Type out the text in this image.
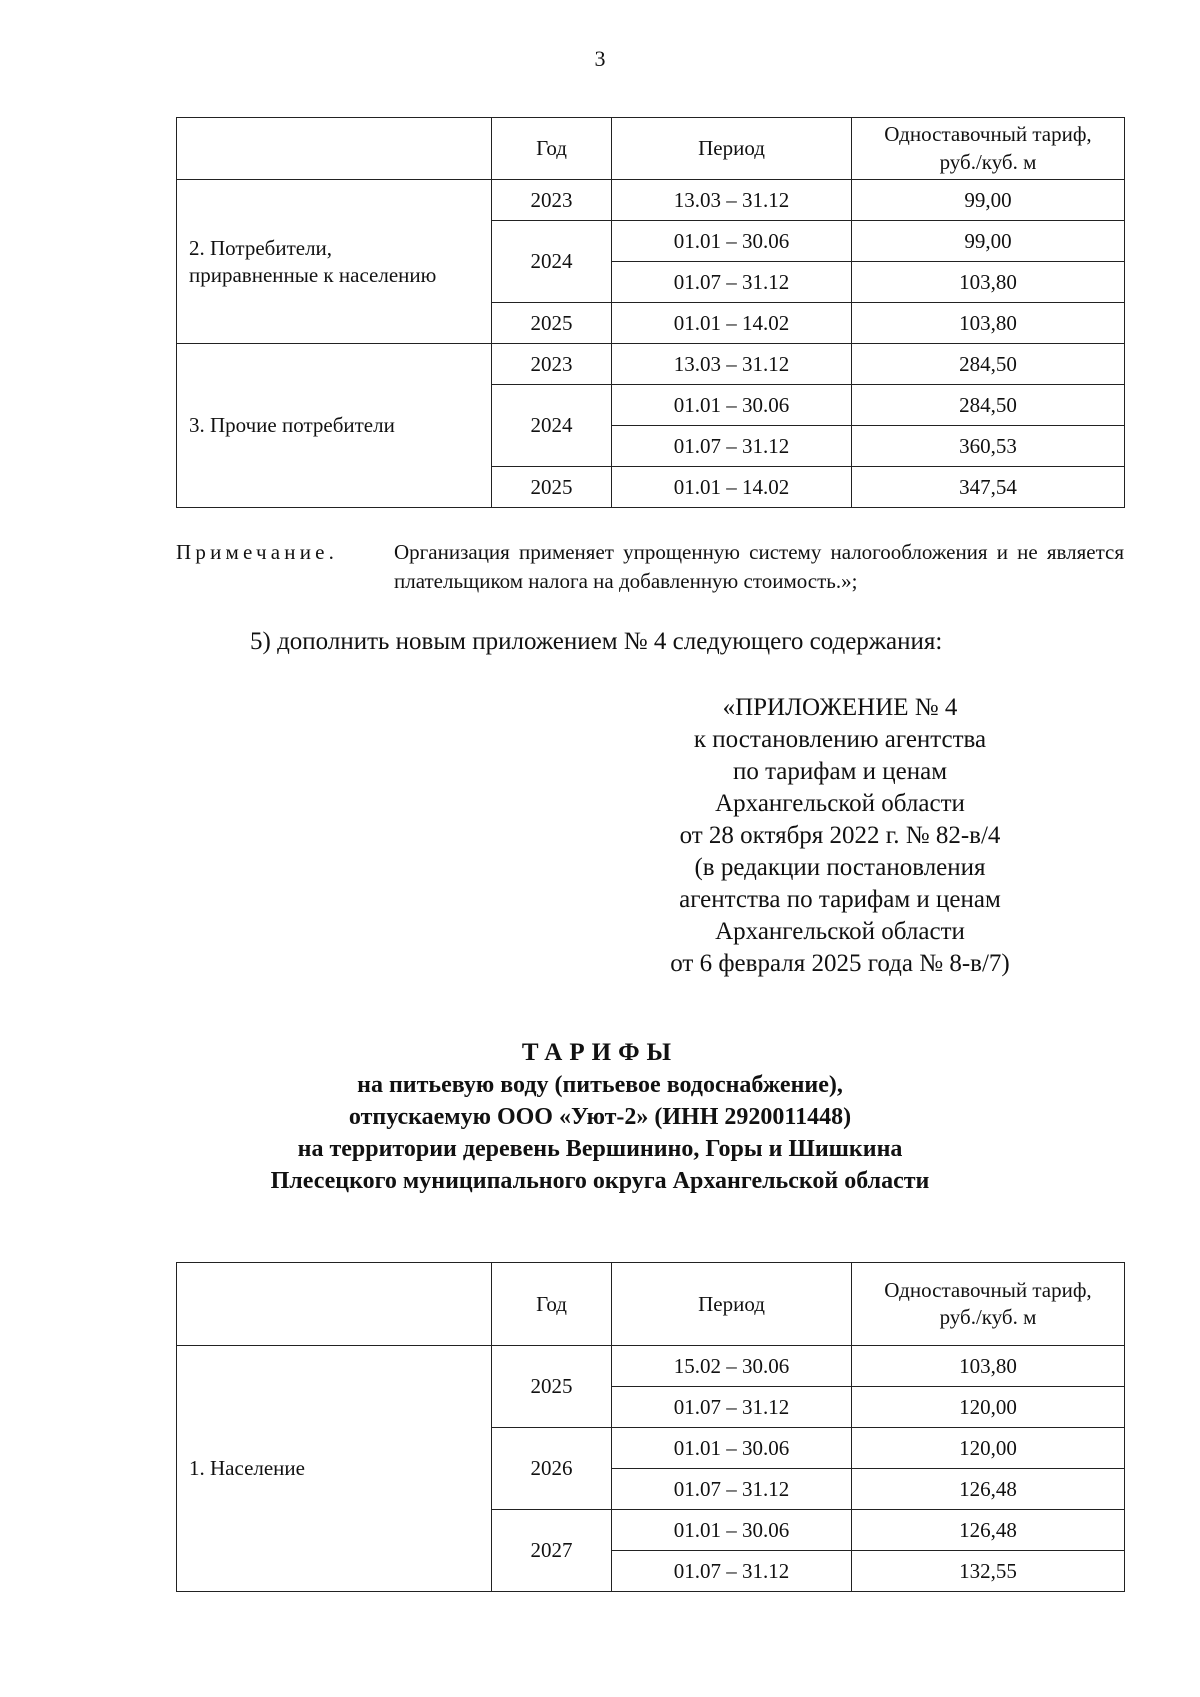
3
	Год	Период	Одноставочный тариф,
руб./куб. м

2. Потребители,
приравненные к населению	2023	13.03 – 31.12	99,00
	2024	01.01 – 30.06	99,00
		01.07 – 31.12	103,80
	2025	01.01 – 14.02	103,80

3. Прочие потребители	2023	13.03 – 31.12	284,50
	2024	01.01 – 30.06	284,50
		01.07 – 31.12	360,53
	2025	01.01 – 14.02	347,54
Примечание.	Организация применяет упрощенную систему налогообложения и не является плательщиком налога на добавленную стоимость.»;
5) дополнить новым приложением № 4 следующего содержания:
«ПРИЛОЖЕНИЕ № 4
к постановлению агентства
по тарифам и ценам
Архангельской области
от 28 октября 2022 г. № 82-в/4
(в редакции постановления
агентства по тарифам и ценам
Архангельской области
от 6 февраля 2025 года № 8-в/7)
ТАРИФЫ
на питьевую воду (питьевое водоснабжение),
отпускаемую ООО «Уют-2» (ИНН 2920011448)
на территории деревень Вершинино, Горы и Шишкина
Плесецкого муниципального округа Архангельской области
	Год	Период	Одноставочный тариф,
руб./куб. м

1. Население	2025	15.02 – 30.06	103,80
		01.07 – 31.12	120,00
	2026	01.01 – 30.06	120,00
		01.07 – 31.12	126,48
	2027	01.01 – 30.06	126,48
		01.07 – 31.12	132,55
